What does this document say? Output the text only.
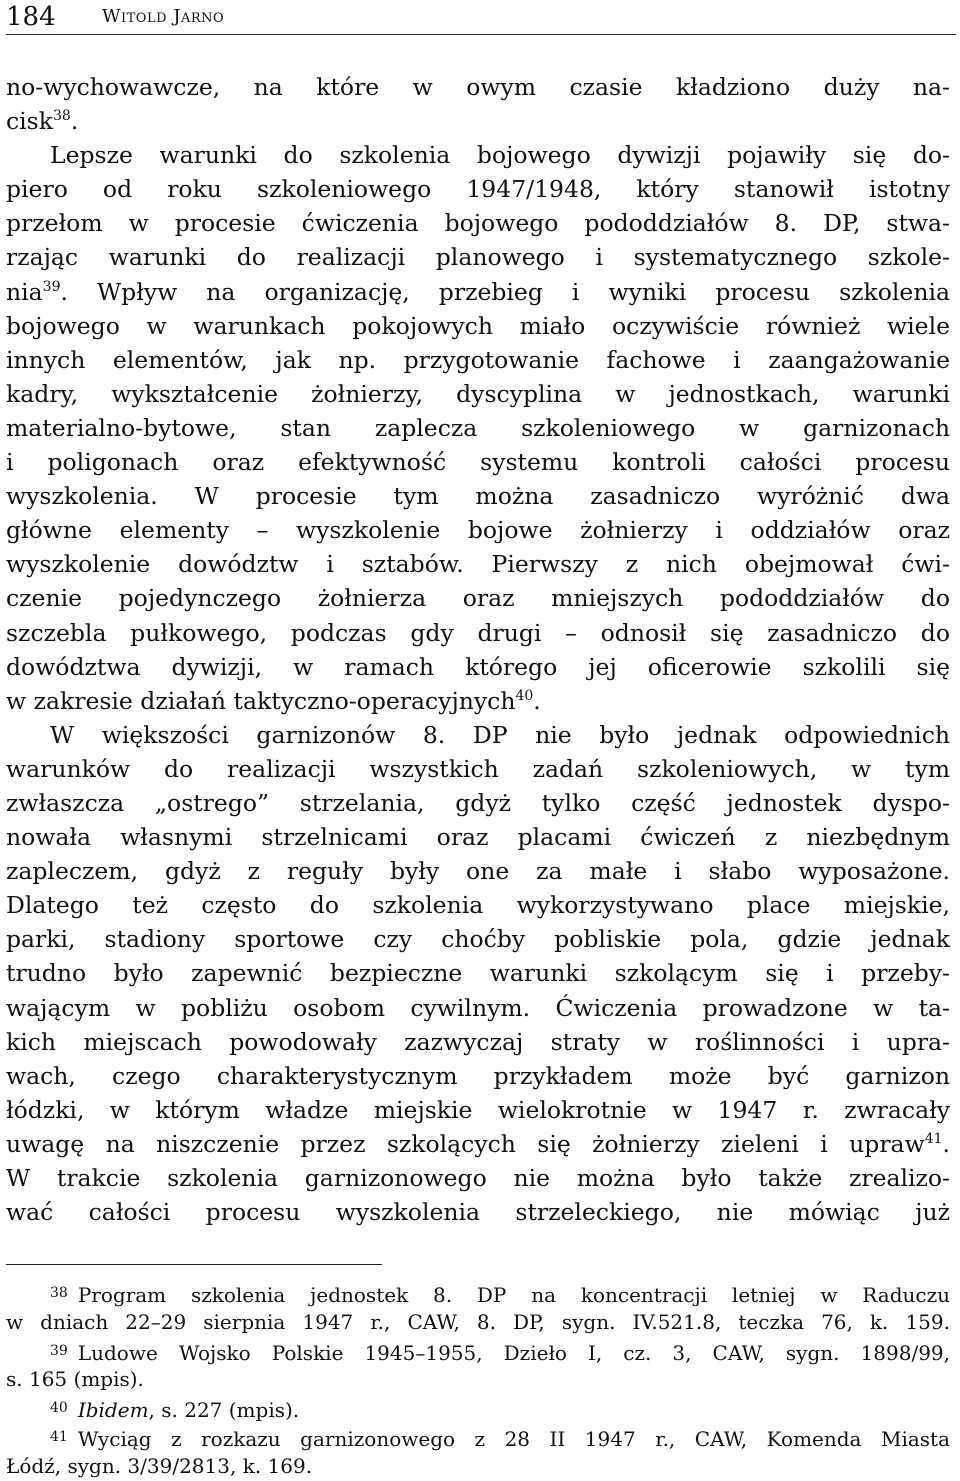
184	Witold Jarno
no-wychowawcze, na które w owym czasie kładziono duży na-
cisk$^{38}$.
Lepsze warunki do szkolenia bojowego dywizji pojawiły się do-
piero od roku szkoleniowego 1947/1948, który stanowił istotny
przełom w procesie ćwiczenia bojowego pododdziałów 8. DP, stwa-
rzając warunki do realizacji planowego i systematycznego szkole-
nia$^{39}$. Wpływ na organizację, przebieg i wyniki procesu szkolenia
bojowego w warunkach pokojowych miało oczywiście również wiele
innych elementów, jak np. przygotowanie fachowe i zaangażowanie
kadry, wykształcenie żołnierzy, dyscyplina w jednostkach, warunki
materialno-bytowe, stan zaplecza szkoleniowego w garnizonach
i poligonach oraz efektywność systemu kontroli całości procesu
wyszkolenia. W procesie tym można zasadniczo wyróżnić dwa
główne elementy – wyszkolenie bojowe żołnierzy i oddziałów oraz
wyszkolenie dowództw i sztabów. Pierwszy z nich obejmował ćwi-
czenie pojedynczego żołnierza oraz mniejszych pododdziałów do
szczebla pułkowego, podczas gdy drugi – odnosił się zasadniczo do
dowództwa dywizji, w ramach którego jej oficerowie szkolili się
w zakresie działań taktyczno-operacyjnych$^{40}$.
W większości garnizonów 8. DP nie było jednak odpowiednich
warunków do realizacji wszystkich zadań szkoleniowych, w tym
zwłaszcza „ostrego” strzelania, gdyż tylko część jednostek dyspo-
nowała własnymi strzelnicami oraz placami ćwiczeń z niezbędnym
zapleczem, gdyż z reguły były one za małe i słabo wyposażone.
Dlatego też często do szkolenia wykorzystywano place miejskie,
parki, stadiony sportowe czy choćby pobliskie pola, gdzie jednak
trudno było zapewnić bezpieczne warunki szkolącym się i przeby-
wającym w pobliżu osobom cywilnym. Ćwiczenia prowadzone w ta-
kich miejscach powodowały zazwyczaj straty w roślinności i upra-
wach, czego charakterystycznym przykładem może być garnizon
łódzki, w którym władze miejskie wielokrotnie w 1947 r. zwracały
uwagę na niszczenie przez szkolących się żołnierzy zieleni i upraw$^{41}$.
W trakcie szkolenia garnizonowego nie można było także zrealizo-
wać całości procesu wyszkolenia strzeleckiego, nie mówiąc już
$^{38}$ Program szkolenia jednostek 8. DP na koncentracji letniej w Raduczu
w dniach 22–29 sierpnia 1947 r., CAW, 8. DP, sygn. IV.521.8, teczka 76, k. 159.
$^{39}$ Ludowe Wojsko Polskie 1945–1955, Dzieło I, cz. 3, CAW, sygn. 1898/99,
s. 165 (mpis).
$^{40}$ Ibidem, s. 227 (mpis).
$^{41}$ Wyciąg z rozkazu garnizonowego z 28 II 1947 r., CAW, Komenda Miasta
Łódź, sygn. 3/39/2813, k. 169.
